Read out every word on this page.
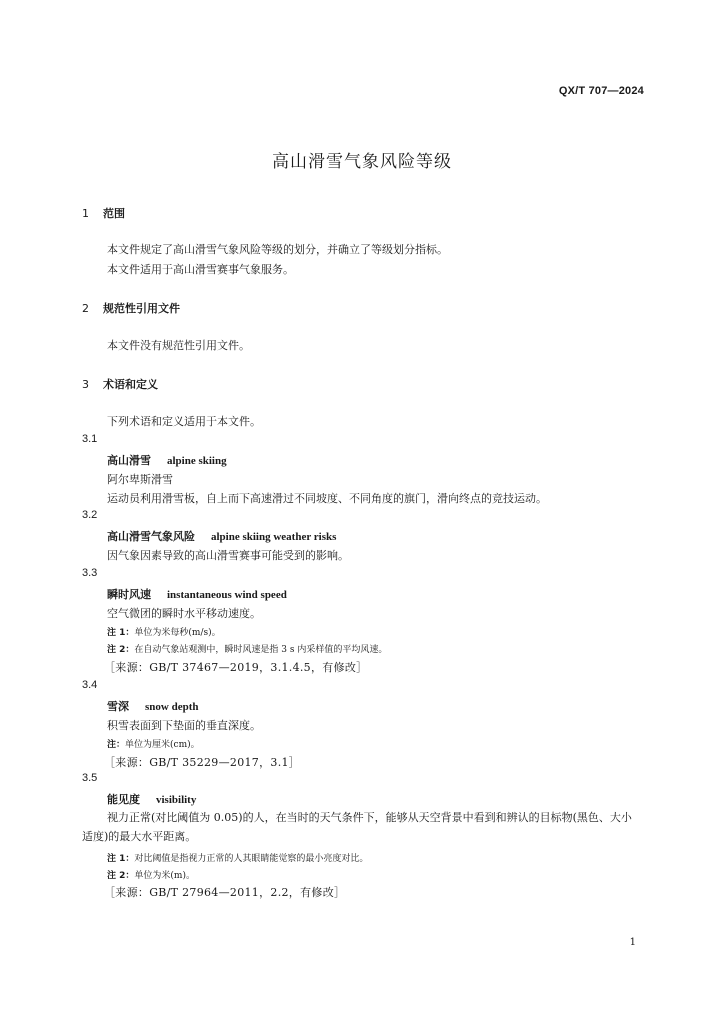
QX/T 707—2024
高山滑雪气象风险等级
1 范围
本文件规定了高山滑雪气象风险等级的划分，并确立了等级划分指标。
本文件适用于高山滑雪赛事气象服务。
2 规范性引用文件
本文件没有规范性引用文件。
3 术语和定义
下列术语和定义适用于本文件。
3.1
高山滑雪 alpine skiing
阿尔卑斯滑雪
运动员利用滑雪板，自上而下高速滑过不同坡度、不同角度的旗门，滑向终点的竞技运动。
3.2
高山滑雪气象风险 alpine skiing weather risks
因气象因素导致的高山滑雪赛事可能受到的影响。
3.3
瞬时风速 instantaneous wind speed
空气微团的瞬时水平移动速度。
注 1：单位为米每秒(m/s)。
注 2：在自动气象站观测中，瞬时风速是指 3 s 内采样值的平均风速。
［来源：GB/T 37467—2019，3.1.4.5，有修改］
3.4
雪深 snow depth
积雪表面到下垫面的垂直深度。
注：单位为厘米(cm)。
［来源：GB/T 35229—2017，3.1］
3.5
能见度 visibility
视力正常(对比阈值为 0.05)的人，在当时的天气条件下，能够从天空背景中看到和辨认的目标物(黑色、大小适度)的最大水平距离。
注 1：对比阈值是指视力正常的人其眼睛能觉察的最小亮度对比。
注 2：单位为米(m)。
［来源：GB/T 27964—2011，2.2，有修改］
1
